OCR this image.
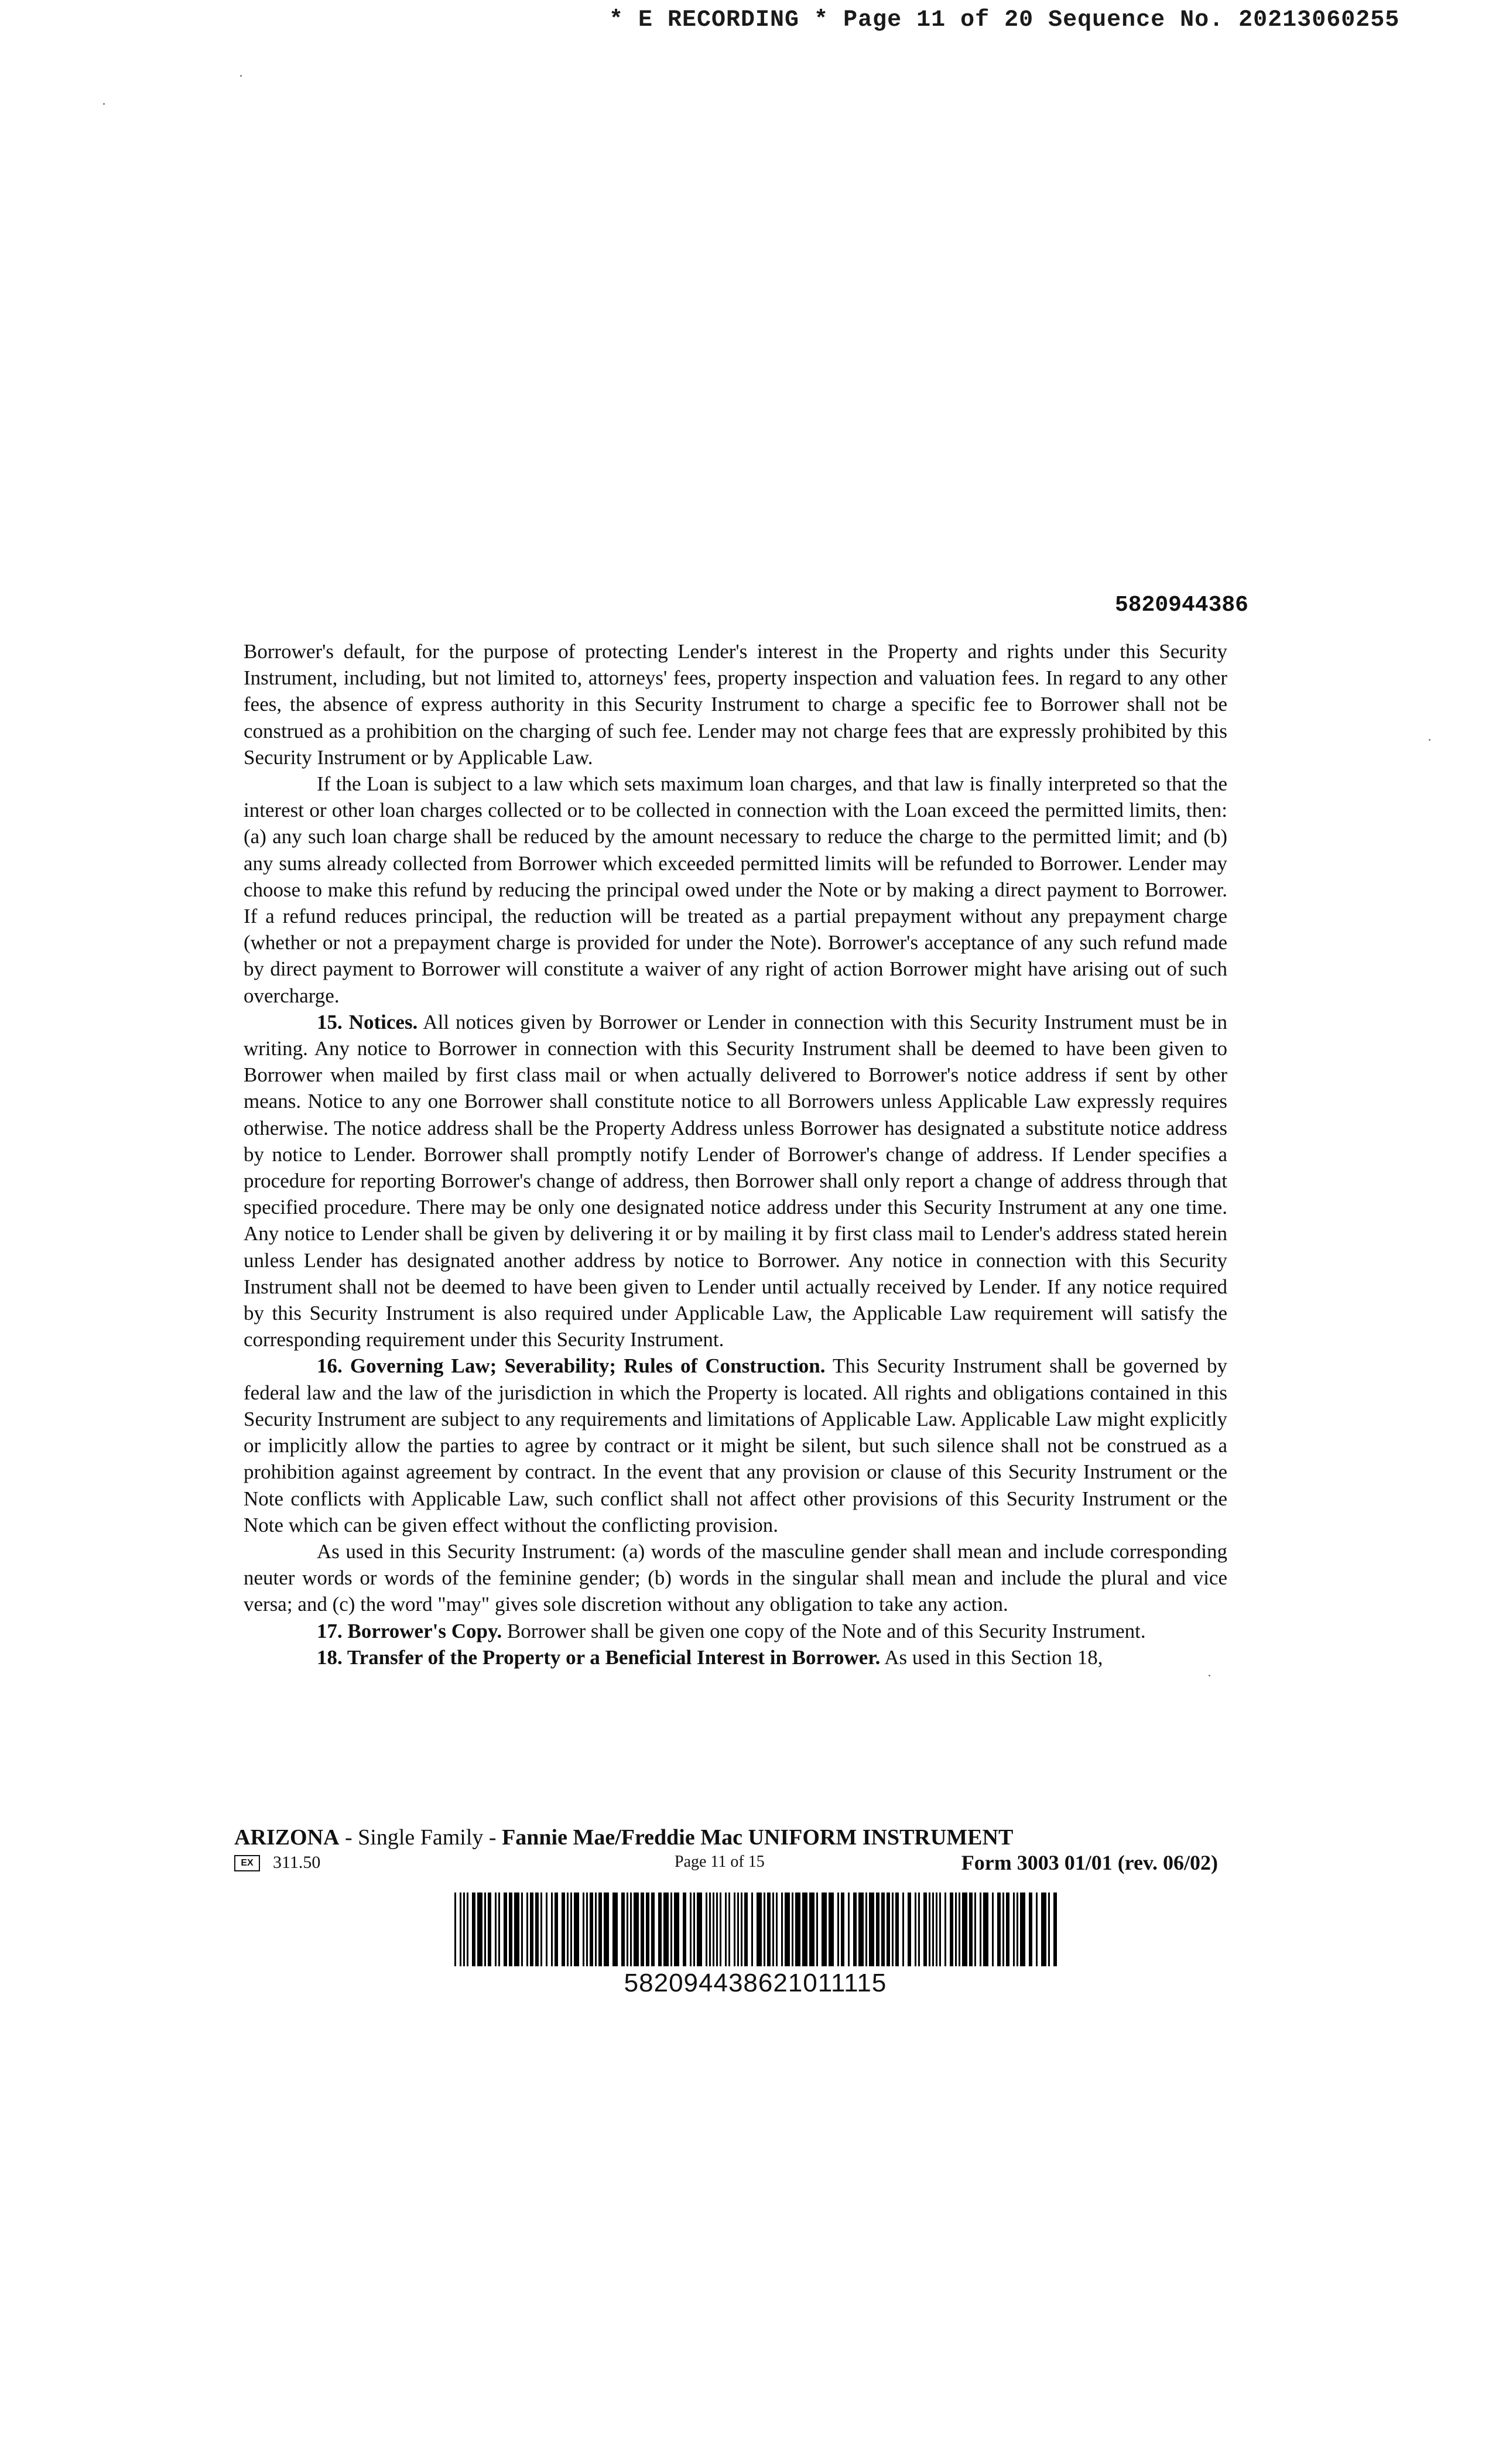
* E RECORDING * Page 11 of 20 Sequence No. 20213060255
5820944386

Borrower's default, for the purpose of protecting Lender's interest in the Property and rights under this Security Instrument, including, but not limited to, attorneys' fees, property inspection and valuation fees. In regard to any other fees, the absence of express authority in this Security Instrument to charge a specific fee to Borrower shall not be construed as a prohibition on the charging of such fee. Lender may not charge fees that are expressly prohibited by this Security Instrument or by Applicable Law.

If the Loan is subject to a law which sets maximum loan charges, and that law is finally interpreted so that the interest or other loan charges collected or to be collected in connection with the Loan exceed the permitted limits, then: (a) any such loan charge shall be reduced by the amount necessary to reduce the charge to the permitted limit; and (b) any sums already collected from Borrower which exceeded permitted limits will be refunded to Borrower. Lender may choose to make this refund by reducing the principal owed under the Note or by making a direct payment to Borrower. If a refund reduces principal, the reduction will be treated as a partial prepayment without any prepayment charge (whether or not a prepayment charge is provided for under the Note). Borrower's acceptance of any such refund made by direct payment to Borrower will constitute a waiver of any right of action Borrower might have arising out of such overcharge.

15. Notices. All notices given by Borrower or Lender in connection with this Security Instrument must be in writing. Any notice to Borrower in connection with this Security Instrument shall be deemed to have been given to Borrower when mailed by first class mail or when actually delivered to Borrower's notice address if sent by other means. Notice to any one Borrower shall constitute notice to all Borrowers unless Applicable Law expressly requires otherwise. The notice address shall be the Property Address unless Borrower has designated a substitute notice address by notice to Lender. Borrower shall promptly notify Lender of Borrower's change of address. If Lender specifies a procedure for reporting Borrower's change of address, then Borrower shall only report a change of address through that specified procedure. There may be only one designated notice address under this Security Instrument at any one time. Any notice to Lender shall be given by delivering it or by mailing it by first class mail to Lender's address stated herein unless Lender has designated another address by notice to Borrower. Any notice in connection with this Security Instrument shall not be deemed to have been given to Lender until actually received by Lender. If any notice required by this Security Instrument is also required under Applicable Law, the Applicable Law requirement will satisfy the corresponding requirement under this Security Instrument.

16. Governing Law; Severability; Rules of Construction. This Security Instrument shall be governed by federal law and the law of the jurisdiction in which the Property is located. All rights and obligations contained in this Security Instrument are subject to any requirements and limitations of Applicable Law. Applicable Law might explicitly or implicitly allow the parties to agree by contract or it might be silent, but such silence shall not be construed as a prohibition against agreement by contract. In the event that any provision or clause of this Security Instrument or the Note conflicts with Applicable Law, such conflict shall not affect other provisions of this Security Instrument or the Note which can be given effect without the conflicting provision.

As used in this Security Instrument: (a) words of the masculine gender shall mean and include corresponding neuter words or words of the feminine gender; (b) words in the singular shall mean and include the plural and vice versa; and (c) the word "may" gives sole discretion without any obligation to take any action.

17. Borrower's Copy. Borrower shall be given one copy of the Note and of this Security Instrument.

18. Transfer of the Property or a Beneficial Interest in Borrower. As used in this Section 18,

ARIZONA - Single Family - Fannie Mae/Freddie Mac UNIFORM INSTRUMENT
EX	311.50	Page 11 of 15	Form 3003 01/01 (rev. 06/02)
582094438621011115
